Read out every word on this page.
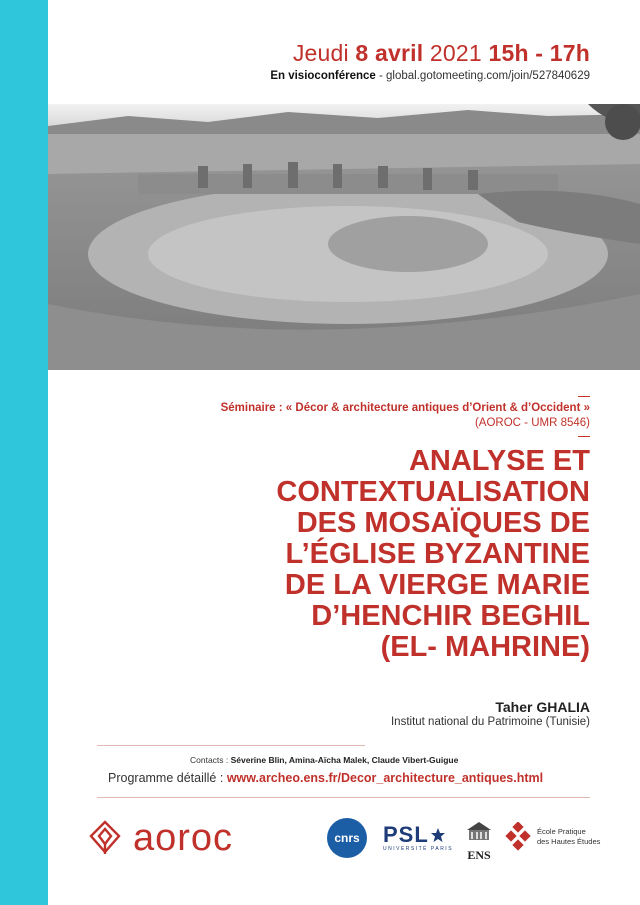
Jeudi 8 avril 2021 15h - 17h
En visioconférence - global.gotomeeting.com/join/527840629
Séminaire : « Décor & architecture antiques d’Orient & d’Occident »
(AOROC - UMR 8546)
ANALYSE ET
CONTEXTUALISATION
DES MOSAÏQUES DE
L’ÉGLISE BYZANTINE
DE LA VIERGE MARIE
D’HENCHIR BEGHIL
(EL- MAHRINE)
Taher GHALIA
Institut national du Patrimoine (Tunisie)
Contacts : Séverine Blin, Amina-Aïcha Malek, Claude Vibert-Guigue
Programme détaillé : www.archeo.ens.fr/Decor_architecture_antiques.html
aoroc	cnrs PSL
UNIVERSITÉ PARIS	ENS
École Pratique
des Hautes Études
